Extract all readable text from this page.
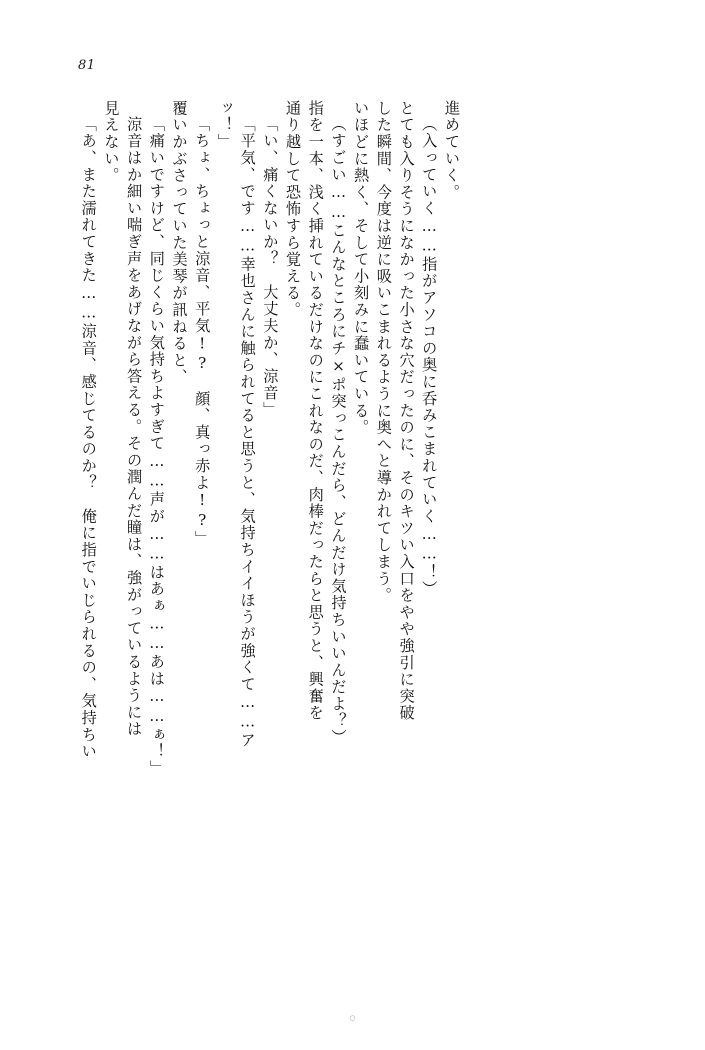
81
「あ、また濡れてきた……涼音、感じてるのか？　俺に指でいじられるの、気持ちい 見えない。 涼音はか細い喘ぎ声をあげながら答える。その潤んだ瞳は、強がっているようには 「痛いですけど、同じくらい気持ちよすぎて……声が……はあぁ……あは……ぁ！」 覆いかぶさっていた美琴が訊ねると、 「ちょ、ちょっと涼音、平気!?　顔、真っ赤よ!?」 ッ！」 「平気、です……幸也さんに触られてると思うと、気持ちイイほうが強くて……ア 「い、痛くないか？　大丈夫か、涼音」 通り越して恐怖すら覚える。 指を一本、浅く挿れているだけなのにこれなのだ、肉棒だったらと思うと、興奮を （すごい……こんなところにチ×ポ突っこんだら、どんだけ気持ちいいんだよ？） いほどに熱く、そして小刻みに蠢いている。 した瞬間、今度は逆に吸いこまれるように奥へと導かれてしまう。 とても入りそうになかった小さな穴だったのに、そのキツい入口をやや強引に突破 （入っていく……指がアソコの奥に呑みこまれていく……！） 進めていく。
○
